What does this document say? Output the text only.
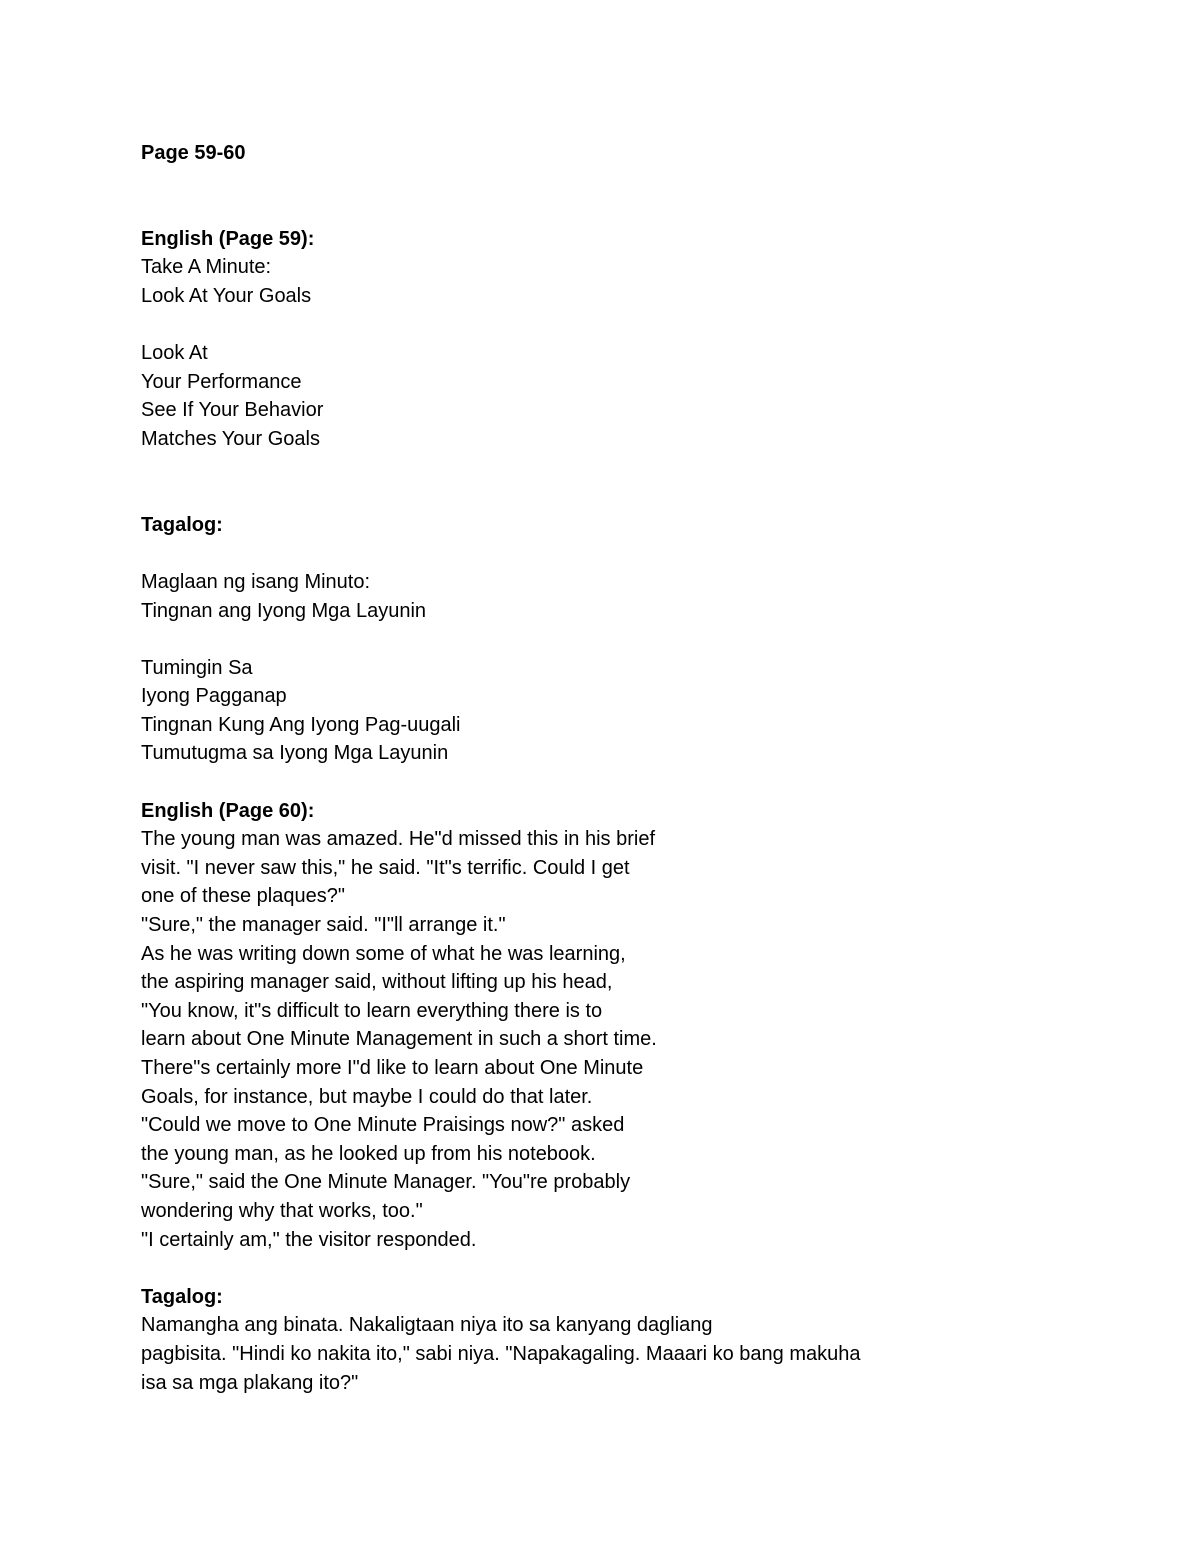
Page 59-60
English (Page 59):
Take A Minute:
Look At Your Goals
Look At
Your Performance
See If Your Behavior
Matches Your Goals
Tagalog:
Maglaan ng isang Minuto:
Tingnan ang Iyong Mga Layunin
Tumingin Sa
Iyong Pagganap
Tingnan Kung Ang Iyong Pag-uugali
Tumutugma sa Iyong Mga Layunin
English (Page 60):
The young man was amazed. He"d missed this in his brief
visit. "I never saw this," he said. "It"s terrific. Could I get
one of these plaques?"
"Sure," the manager said. "I"ll arrange it."
As he was writing down some of what he was learning,
the aspiring manager said, without lifting up his head,
"You know, it"s difficult to learn everything there is to
learn about One Minute Management in such a short time.
There"s certainly more I"d like to learn about One Minute
Goals, for instance, but maybe I could do that later.
"Could we move to One Minute Praisings now?" asked
the young man, as he looked up from his notebook.
"Sure," said the One Minute Manager. "You"re probably
wondering why that works, too."
"I certainly am," the visitor responded.
Tagalog:
Namangha ang binata. Nakaligtaan niya ito sa kanyang dagliang
pagbisita. "Hindi ko nakita ito," sabi niya. "Napakagaling. Maaari ko bang makuha
isa sa mga plakang ito?"
